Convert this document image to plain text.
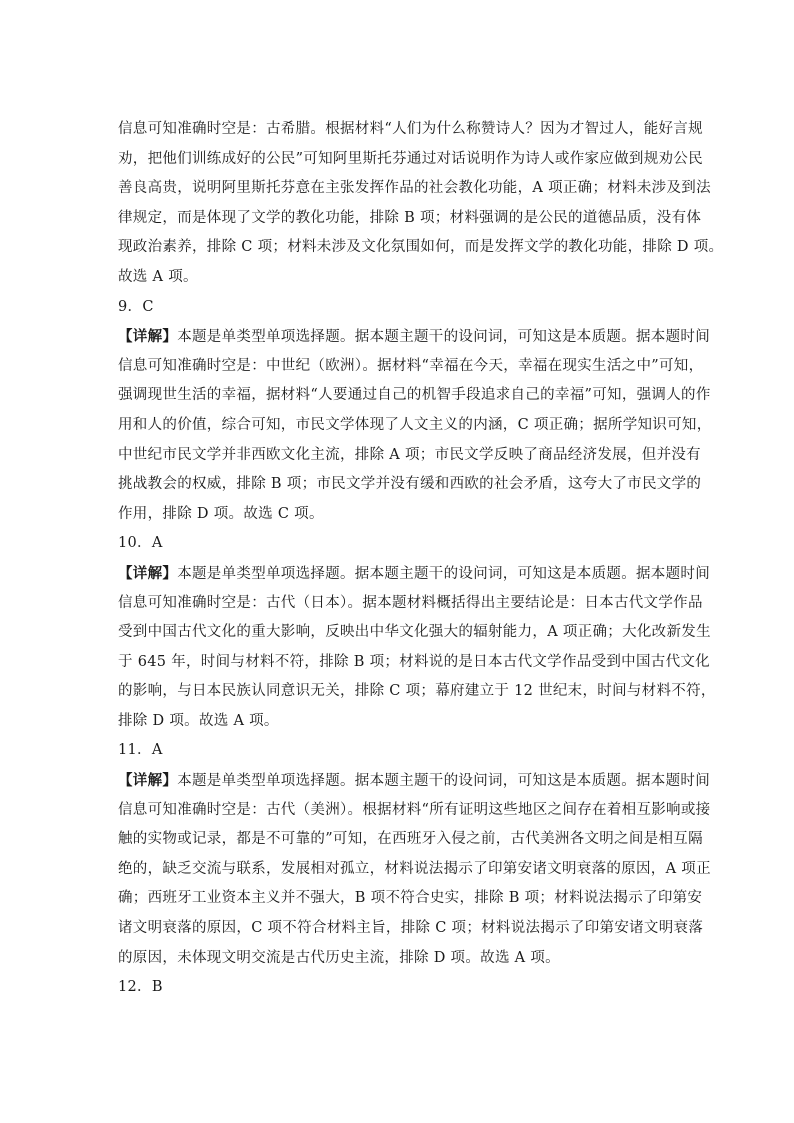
信息可知准确时空是：古希腊。根据材料“人们为什么称赞诗人？因为才智过人，能好言规
劝，把他们训练成好的公民”可知阿里斯托芬通过对话说明作为诗人或作家应做到规劝公民
善良高贵，说明阿里斯托芬意在主张发挥作品的社会教化功能，A 项正确；材料未涉及到法
律规定，而是体现了文学的教化功能，排除 B 项；材料强调的是公民的道德品质，没有体
现政治素养，排除 C 项；材料未涉及文化氛围如何，而是发挥文学的教化功能，排除 D 项。
故选 A 项。
9．C
【详解】本题是单类型单项选择题。据本题主题干的设问词，可知这是本质题。据本题时间
信息可知准确时空是：中世纪（欧洲）。据材料“幸福在今天，幸福在现实生活之中”可知，
强调现世生活的幸福，据材料“人要通过自己的机智手段追求自己的幸福”可知，强调人的作
用和人的价值，综合可知，市民文学体现了人文主义的内涵，C 项正确；据所学知识可知，
中世纪市民文学并非西欧文化主流，排除 A 项；市民文学反映了商品经济发展，但并没有
挑战教会的权威，排除 B 项；市民文学并没有缓和西欧的社会矛盾，这夸大了市民文学的
作用，排除 D 项。故选 C 项。
10．A
【详解】本题是单类型单项选择题。据本题主题干的设问词，可知这是本质题。据本题时间
信息可知准确时空是：古代（日本）。据本题材料概括得出主要结论是：日本古代文学作品
受到中国古代文化的重大影响，反映出中华文化强大的辐射能力，A 项正确；大化改新发生
于 645 年，时间与材料不符，排除 B 项；材料说的是日本古代文学作品受到中国古代文化
的影响，与日本民族认同意识无关，排除 C 项；幕府建立于 12 世纪末，时间与材料不符，
排除 D 项。故选 A 项。
11．A
【详解】本题是单类型单项选择题。据本题主题干的设问词，可知这是本质题。据本题时间
信息可知准确时空是：古代（美洲）。根据材料“所有证明这些地区之间存在着相互影响或接
触的实物或记录，都是不可靠的”可知，在西班牙入侵之前，古代美洲各文明之间是相互隔
绝的，缺乏交流与联系，发展相对孤立，材料说法揭示了印第安诸文明衰落的原因，A 项正
确；西班牙工业资本主义并不强大，B 项不符合史实，排除 B 项；材料说法揭示了印第安
诸文明衰落的原因，C 项不符合材料主旨，排除 C 项；材料说法揭示了印第安诸文明衰落
的原因，未体现文明交流是古代历史主流，排除 D 项。故选 A 项。
12．B
